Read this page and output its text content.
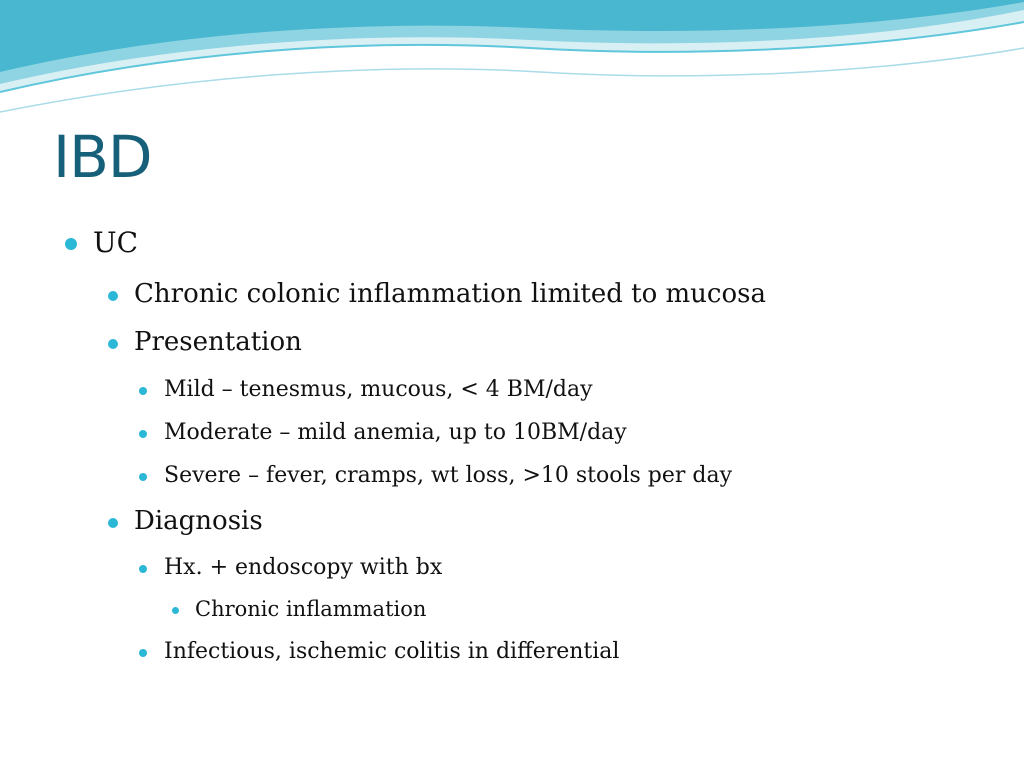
IBD
UC
Chronic colonic inflammation limited to mucosa
Presentation
Mild – tenesmus, mucous, < 4 BM/day
Moderate – mild anemia, up to 10BM/day
Severe – fever, cramps, wt loss, >10 stools per day
Diagnosis
Hx. + endoscopy with bx
Chronic inflammation
Infectious, ischemic colitis in differential
